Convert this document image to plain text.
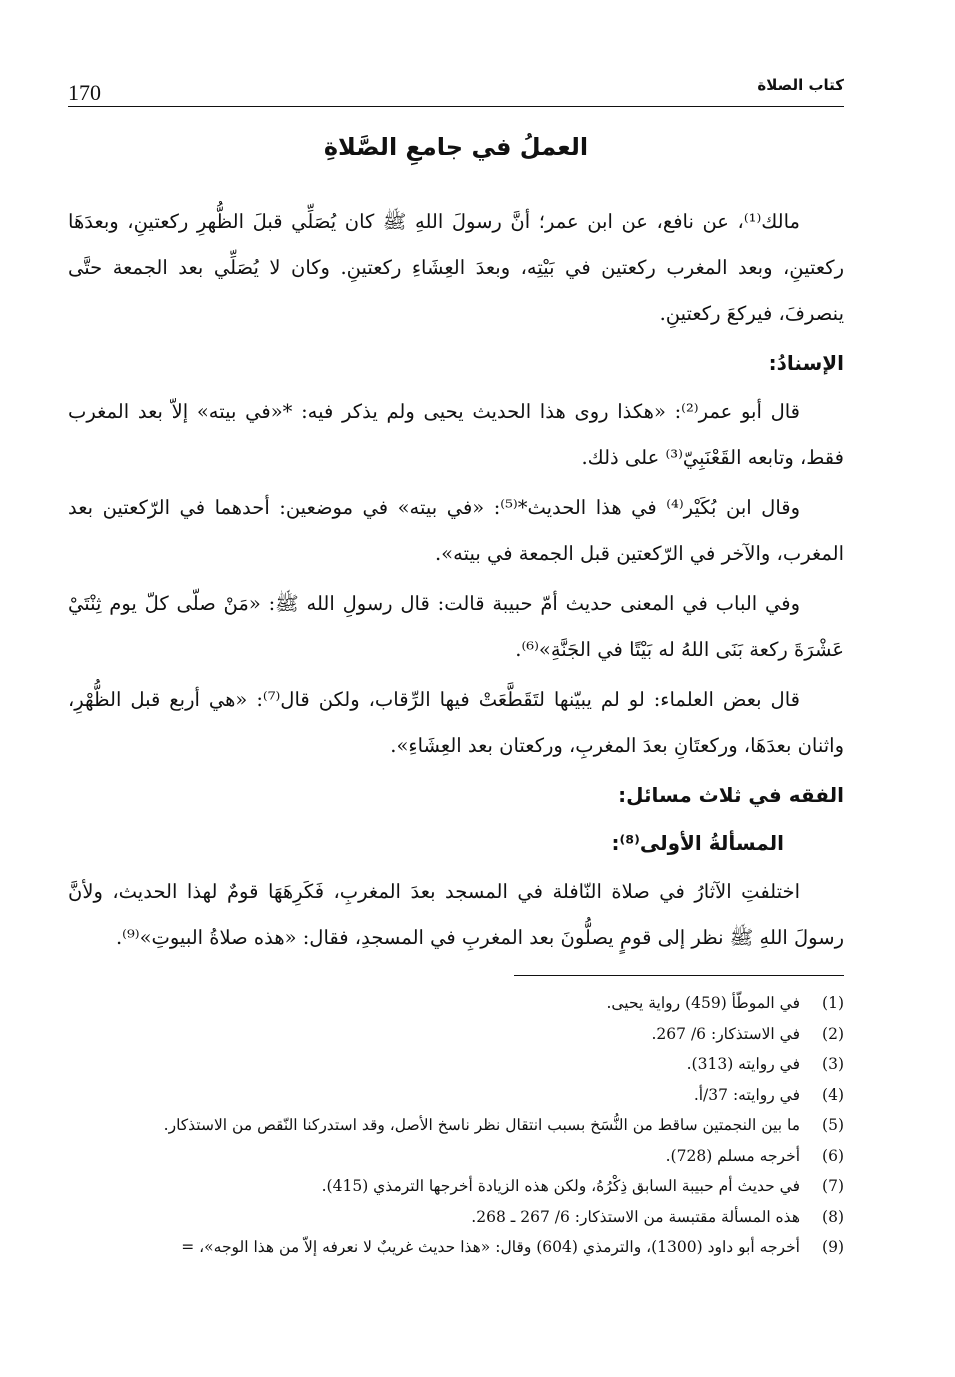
170	كتاب الصلاة
العملُ في جامعِ الصَّلاةِ

مالك⁽¹⁾، عن نافع، عن ابن عمر؛ أنَّ رسولَ اللهِ ﷺ كان يُصَلِّي قبلَ الظُّهرِ ركعتينِ، وبعدَهَا ركعتينِ، وبعد المغرب ركعتين في بَيْتِه، وبعدَ العِشَاءِ ركعتينِ. وكان لا يُصَلِّي بعد الجمعة حتَّى ينصرفَ، فيركعَ ركعتينِ.

الإسنادُ:

قال أبو عمر⁽²⁾: «هكذا روى هذا الحديث يحيى ولم يذكر فيه: *«في بيته» إلاّ بعد المغرب فقط، وتابعه القَعْنَبِيّ⁽³⁾ على ذلك.

وقال ابن بُكَيْر⁽⁴⁾ في هذا الحديث*⁽⁵⁾: «في بيته» في موضعين: أحدهما في الرّكعتين بعد المغرب، والآخر في الرّكعتين قبل الجمعة في بيته».

وفي الباب في المعنى حديث أمّ حبيبة قالت: قال رسولِ الله ﷺ: «مَنْ صلّى كلّ يوم ثِنْتَيْ عَشْرَةَ ركعة بَنَى اللهُ له بَيْتًا في الجَنَّةِ»⁽⁶⁾.

قال بعض العلماء: لو لم يبيّنها لتَقَطَّعَتْ فيها الرِّقاب، ولكن قال⁽⁷⁾: «هي أربع قبل الظُّهْرِ، واثنان بعدَهَا، وركعتَانِ بعدَ المغربِ، وركعتان بعد العِشَاءِ».

الفقه في ثلاث مسائل:
المسألةُ الأولى⁽⁸⁾:

اختلفتِ الآثارُ في صلاة النّافلة في المسجد بعدَ المغربِ، فَكَرِهَهَا قومٌ لهذا الحديث، ولأنَّ رسولَ اللهِ ﷺ نظر إلى قومٍ يصلُّونَ بعد المغربِ في المسجدِ، فقال: «هذه صلاةُ البيوتِ»⁽⁹⁾.

(1)
في الموطّأ (459) رواية يحيى.
(2)
في الاستذكار: 6/ 267.
(3)
في روايته (313).
(4)
في روايته: 37/أ.
(5)
ما بين النجمتين ساقط من النُّسَخ بسبب انتقال نظر ناسخ الأصل، وقد استدركنا النّقص من الاستذكار.
(6)
أخرجه مسلم (728).
(7)
في حديث أم حبيبة السابق ذِكْرُهُ، ولكن هذه الزيادة أخرجها الترمذي (415).
(8)
هذه المسألة مقتبسة من الاستذكار: 6/ 267 ـ 268.
(9)
أخرجه أبو داود (1300)، والترمذي (604) وقال: «هذا حديث غريبٌ لا نعرفه إلاّ من هذا الوجه»، =
